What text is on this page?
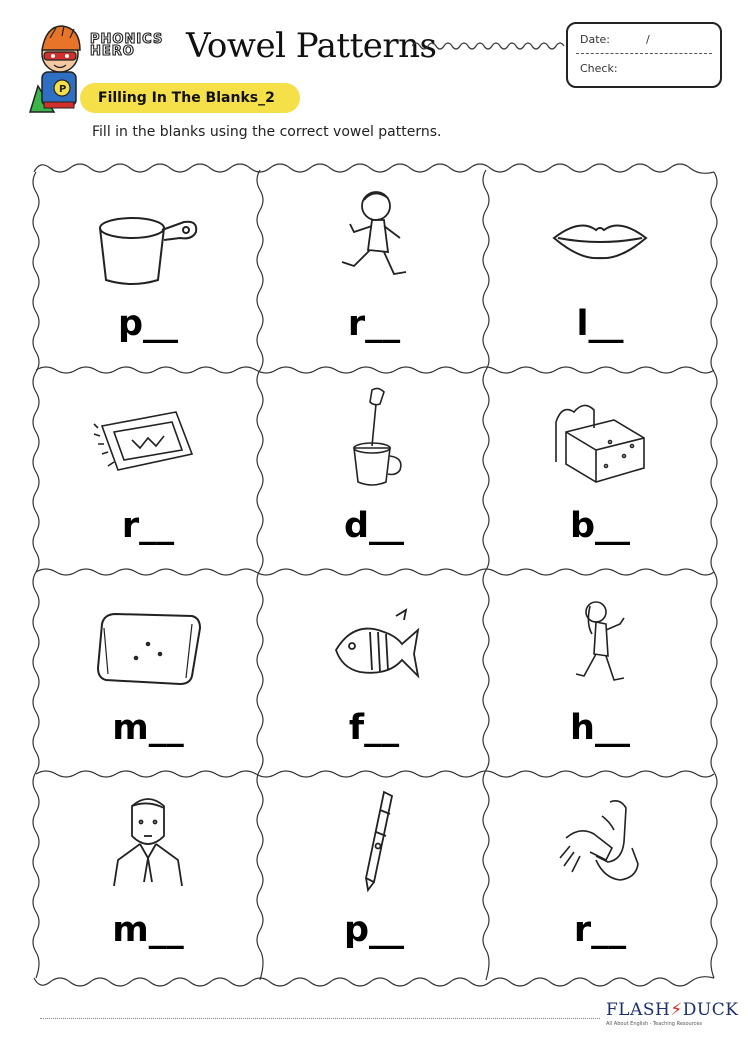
P
PHONICS
HERO	Vowel Patterns	Date:	/
Check:
Filling In The Blanks_2
Fill in the blanks using the correct vowel patterns.
p__	r__	l__
r__	d__	b__
m__	f__	h__
m__	p__	r__
FLASH⚡DUCK
All About English · Teaching Resources
